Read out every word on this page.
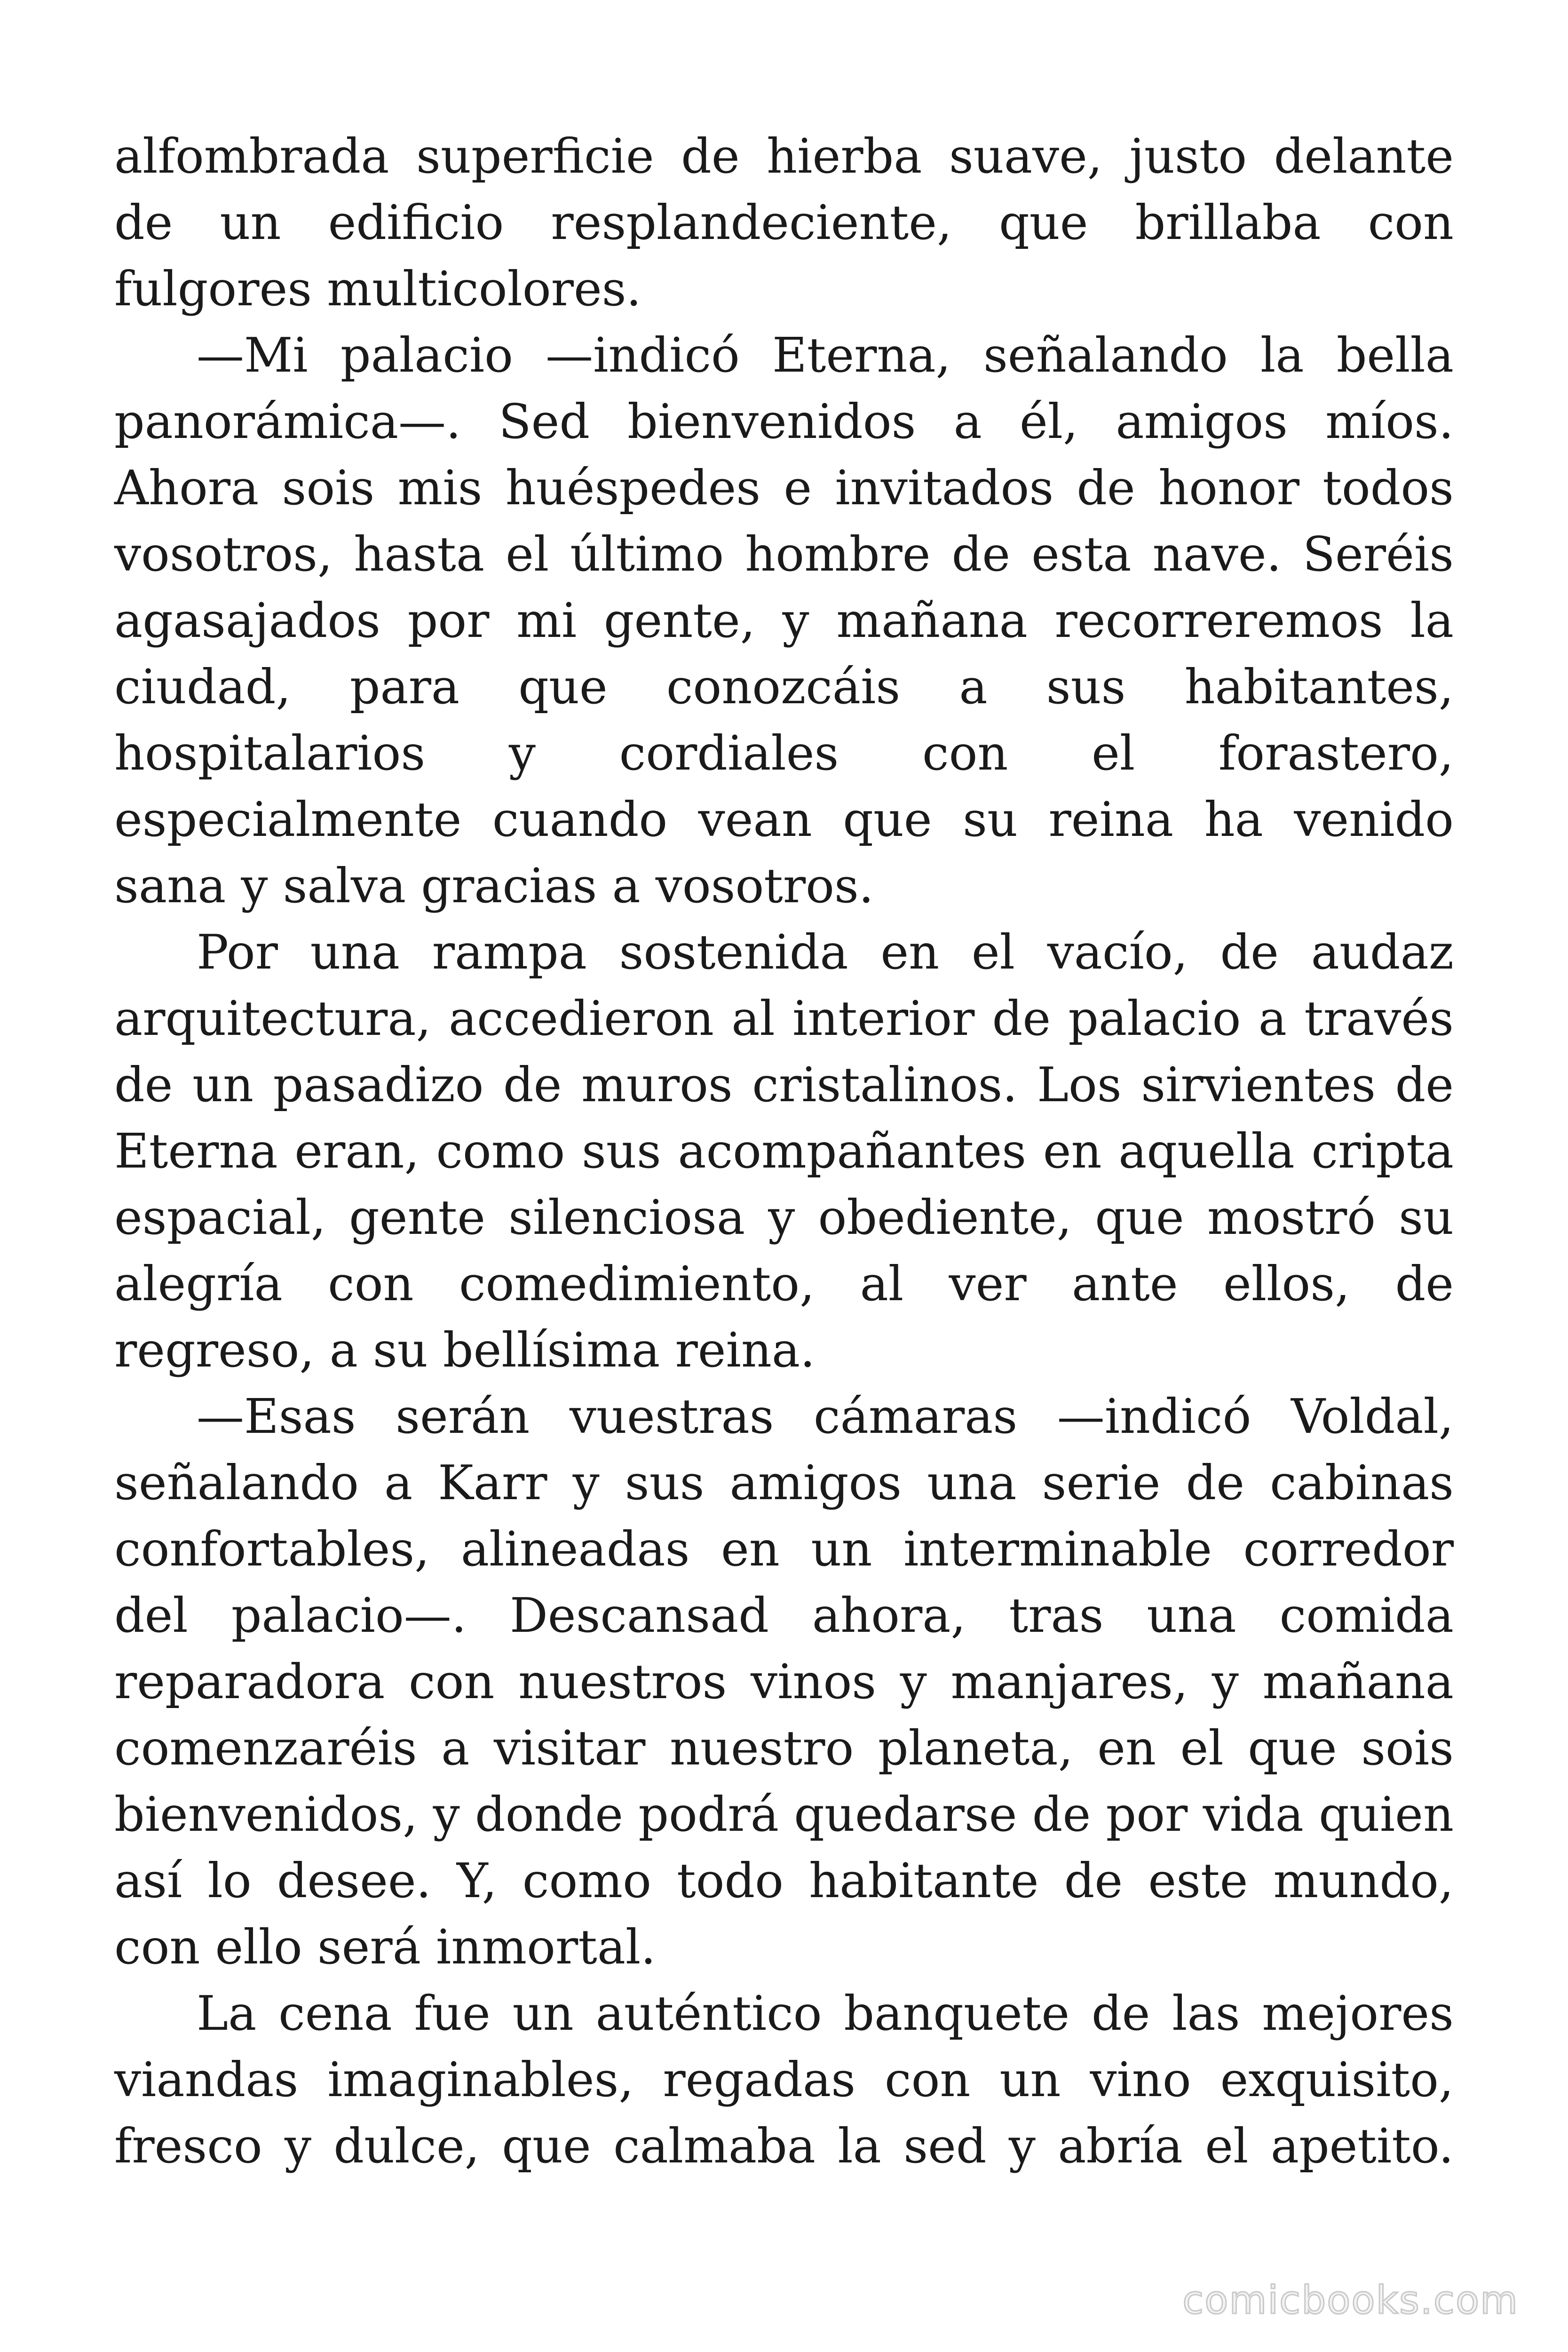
alfombrada superficie de hierba suave, justo delante de un edificio resplandeciente, que brillaba con fulgores multicolores.

—Mi palacio —indicó Eterna, señalando la bella panorámica—. Sed bienvenidos a él, amigos míos. Ahora sois mis huéspedes e invitados de honor todos vosotros, hasta el último hombre de esta nave. Seréis agasajados por mi gente, y mañana recorreremos la ciudad, para que conozcáis a sus habitantes, hospitalarios y cordiales con el forastero, especialmente cuando vean que su reina ha venido sana y salva gracias a vosotros.

Por una rampa sostenida en el vacío, de audaz arquitectura, accedieron al interior de palacio a través de un pasadizo de muros cristalinos. Los sirvientes de Eterna eran, como sus acompañantes en aquella cripta espacial, gente silenciosa y obediente, que mostró su alegría con comedimiento, al ver ante ellos, de regreso, a su bellísima reina.

—Esas serán vuestras cámaras —indicó Voldal, señalando a Karr y sus amigos una serie de cabinas confortables, alineadas en un interminable corredor del palacio—. Descansad ahora, tras una comida reparadora con nuestros vinos y manjares, y mañana comenzaréis a visitar nuestro planeta, en el que sois bienvenidos, y donde podrá quedarse de por vida quien así lo desee. Y, como todo habitante de este mundo, con ello será inmortal.

La cena fue un auténtico banquete de las mejores viandas imaginables, regadas con un vino exquisito, fresco y dulce, que calmaba la sed y abría el apetito.

comicbooks.com
